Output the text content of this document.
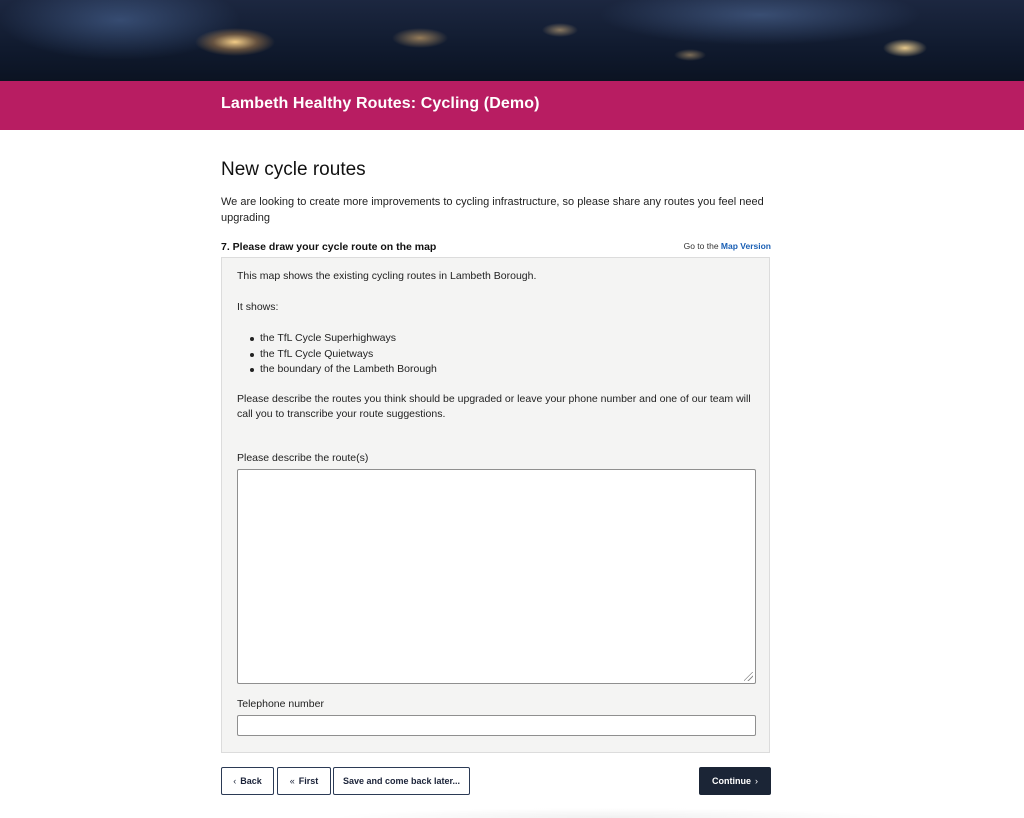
Lambeth Healthy Routes: Cycling (Demo)
New cycle routes
We are looking to create more improvements to cycling infrastructure, so please share any routes you feel need upgrading
7. Please draw your cycle route on the map	Go to the Map Version
This map shows the existing cycling routes in Lambeth Borough.
It shows:
the TfL Cycle Superhighways
the TfL Cycle Quietways
the boundary of the Lambeth Borough
Please describe the routes you think should be upgraded or leave your phone number and one of our team will call you to transcribe your route suggestions.
Please describe the route(s)
Telephone number
‹ Back	« First	Save and come back later...	Continue ›
